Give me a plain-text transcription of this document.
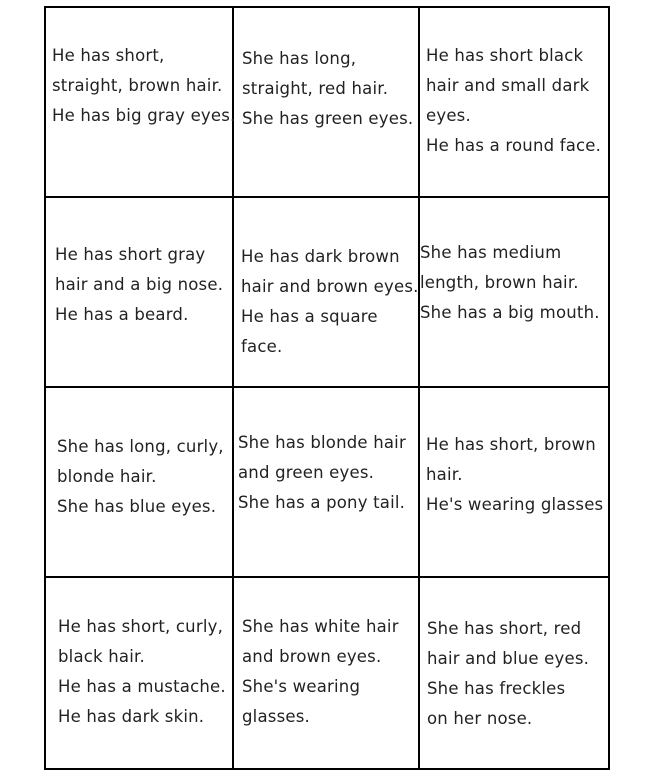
He has short,
straight, brown hair.
He has big gray eyes.
She has long,
straight, red hair.
She has green eyes.
He has short black
hair and small dark
eyes.
He has a round face.
He has short gray
hair and a big nose.
He has a beard.
He has dark brown
hair and brown eyes.
He has a square
face.
She has medium
length, brown hair.
She has a big mouth.
She has long, curly,
blonde hair.
She has blue eyes.
She has blonde hair
and green eyes.
She has a pony tail.
He has short, brown
hair.
He's wearing glasses
He has short, curly,
black hair.
He has a mustache.
He has dark skin.
She has white hair
and brown eyes.
She's wearing
glasses.
She has short, red
hair and blue eyes.
She has freckles
on her nose.
